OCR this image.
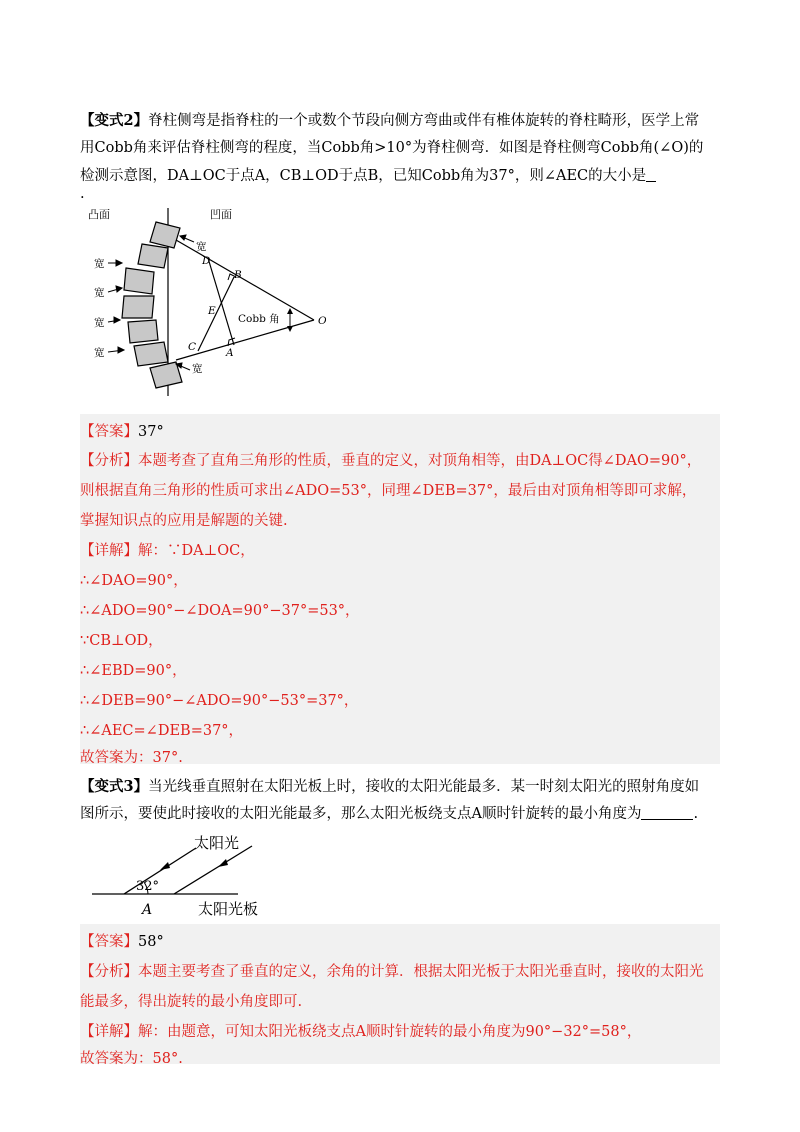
【变式2】脊柱侧弯是指脊柱的一个或数个节段向侧方弯曲或伴有椎体旋转的脊柱畸形，医学上常
用Cobb角来评估脊柱侧弯的程度，当Cobb角>10°为脊柱侧弯．如图是脊柱侧弯Cobb角(∠O)的
检测示意图，DA⊥OC于点A，CB⊥OD于点B，已知Cobb角为37°，则∠AEC的大小是
.
凸面	凹面
宽
宽
宽
宽
宽
宽
D
B
E
C	A
O
Cobb 角
【答案】37°
【分析】本题考查了直角三角形的性质，垂直的定义，对顶角相等，由DA⊥OC得∠DAO=90°，
则根据直角三角形的性质可求出∠ADO=53°，同理∠DEB=37°，最后由对顶角相等即可求解，
掌握知识点的应用是解题的关键.
【详解】解：∵DA⊥OC，
∴∠DAO=90°，
∴∠ADO=90°−∠DOA=90°−37°=53°，
∵CB⊥OD，
∴∠EBD=90°，
∴∠DEB=90°−∠ADO=90°−53°=37°，
∴∠AEC=∠DEB=37°，
故答案为：37°.
【变式3】当光线垂直照射在太阳光板上时，接收的太阳光能最多．某一时刻太阳光的照射角度如
图所示，要使此时接收的太阳光能最多，那么太阳光板绕支点A顺时针旋转的最小角度为	.
太阳光
32°
A	太阳光板
【答案】58°
【分析】本题主要考查了垂直的定义，余角的计算．根据太阳光板于太阳光垂直时，接收的太阳光
能最多，得出旋转的最小角度即可.
【详解】解：由题意，可知太阳光板绕支点A顺时针旋转的最小角度为90°−32°=58°，
故答案为：58°.
